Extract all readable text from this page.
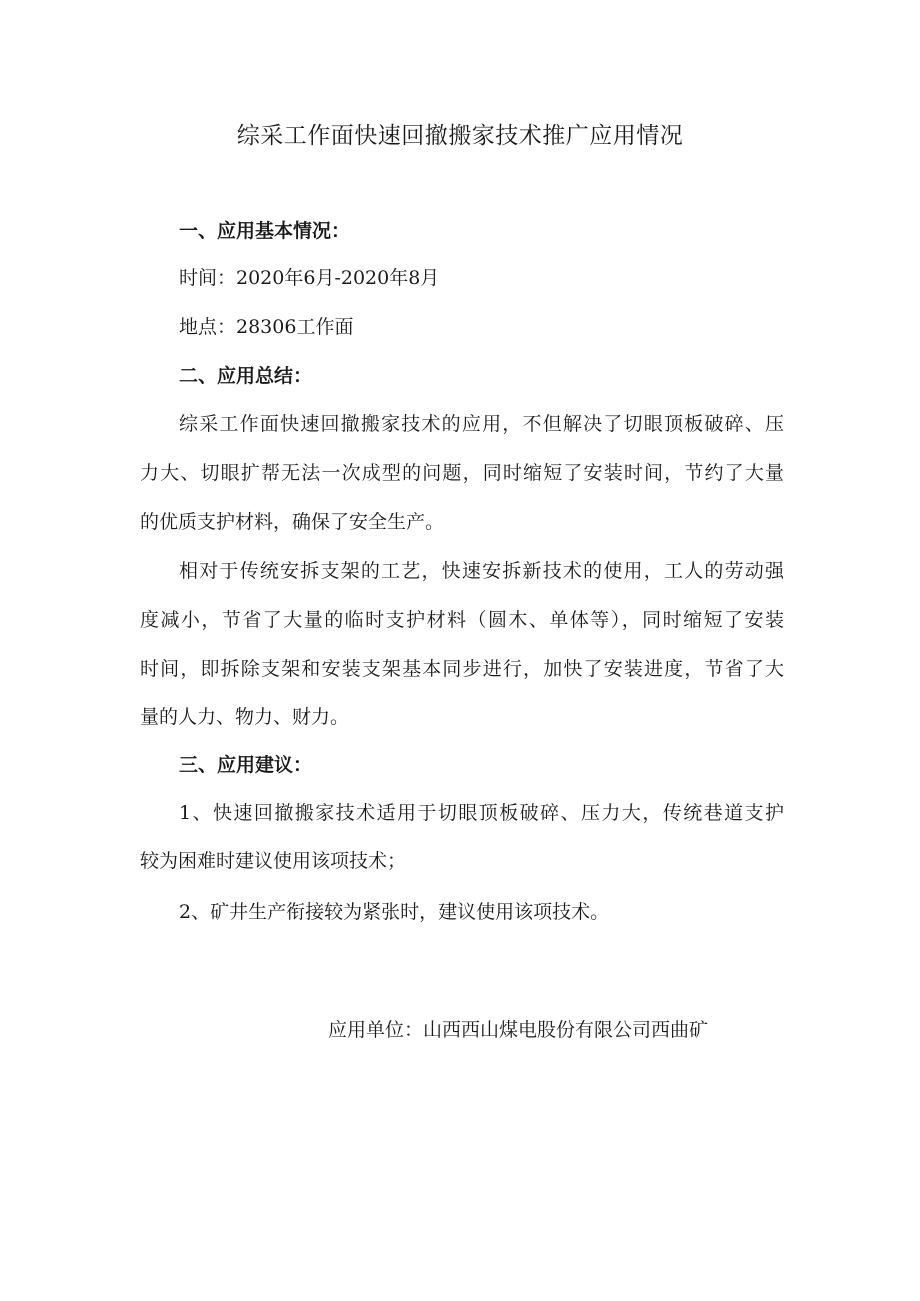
综采工作面快速回撤搬家技术推广应用情况
一、应用基本情况：
时间：2020年6月-2020年8月
地点：28306工作面
二、应用总结：
综采工作面快速回撤搬家技术的应用，不但解决了切眼顶板破碎、压
力大、切眼扩帮无法一次成型的问题，同时缩短了安装时间，节约了大量
的优质支护材料，确保了安全生产。
相对于传统安拆支架的工艺，快速安拆新技术的使用，工人的劳动强
度减小，节省了大量的临时支护材料（圆木、单体等），同时缩短了安装
时间，即拆除支架和安装支架基本同步进行，加快了安装进度，节省了大
量的人力、物力、财力。
三、应用建议：
1、快速回撤搬家技术适用于切眼顶板破碎、压力大，传统巷道支护
较为困难时建议使用该项技术；
2、矿井生产衔接较为紧张时，建议使用该项技术。
应用单位：山西西山煤电股份有限公司西曲矿
